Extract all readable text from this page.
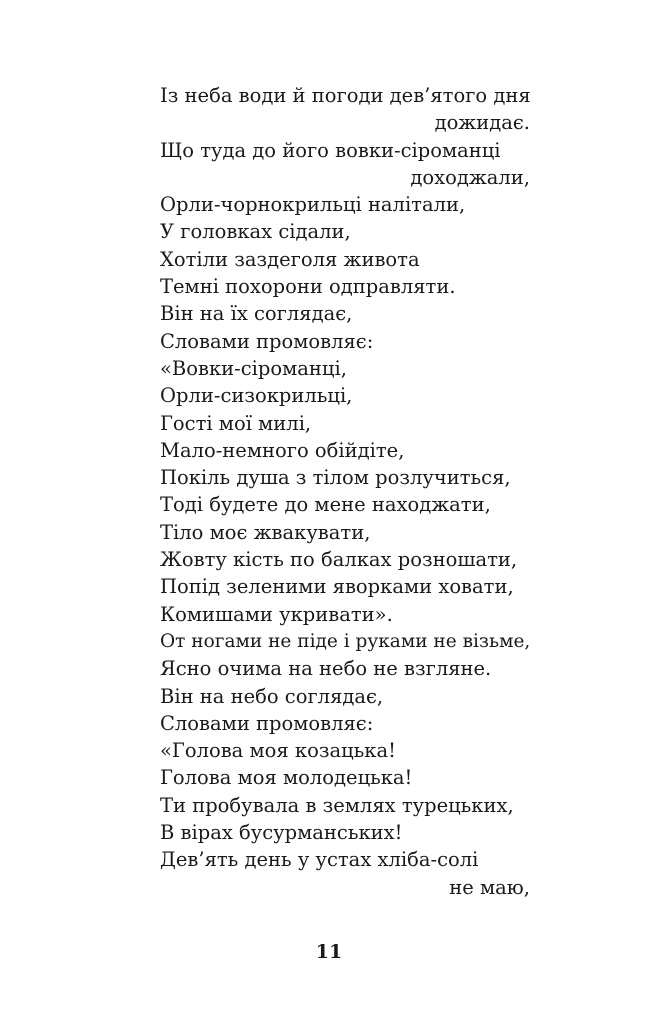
Із неба води й погоди дев’ятого дня
дожидає.
Що туда до його вовки-сіроманці
доходжали,
Орли-чорнокрильці налітали,
У головках сідали,
Хотіли заздеголя живота
Темні похорони одправляти.
Він на їх соглядає,
Словами промовляє:
«Вовки-сіроманці,
Орли-сизокрильці,
Гості мої милі,
Мало-немного обійдіте,
Покіль душа з тілом розлучиться,
Тоді будете до мене находжати,
Тіло моє жвакувати,
Жовту кість по балках розношати,
Попід зеленими яворками ховати,
Комишами укривати».
От ногами не піде і руками не візьме,
Ясно очима на небо не взгляне.
Він на небо соглядає,
Словами промовляє:
«Голова моя козацька!
Голова моя молодецька!
Ти пробувала в землях турецьких,
В вірах бусурманських!
Дев’ять день у устах хліба-солі
не маю,
11
